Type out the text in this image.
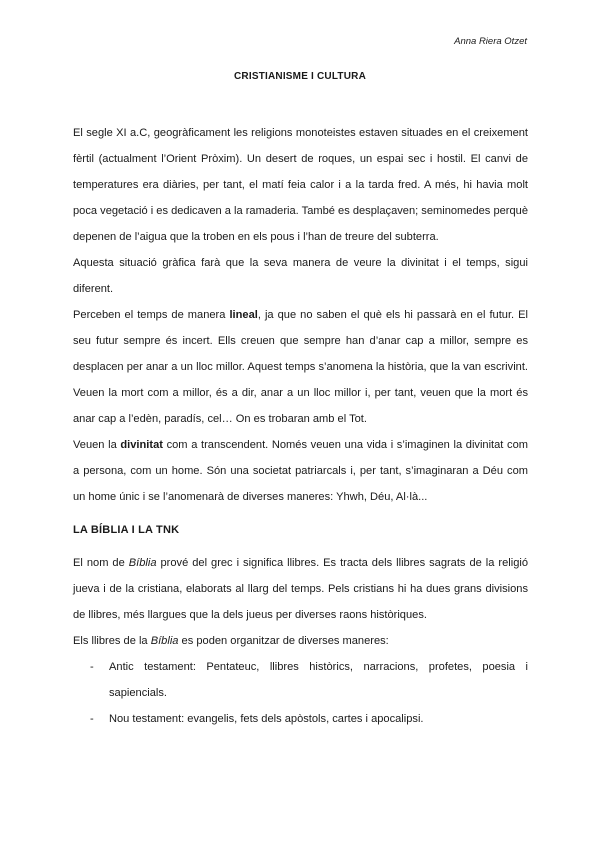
Anna Riera Otzet
CRISTIANISME I CULTURA

El segle XI a.C, geogràficament les religions monoteistes estaven situades en el creixement fèrtil (actualment l’Orient Pròxim). Un desert de roques, un espai sec i hostil. El canvi de temperatures era diàries, per tant, el matí feia calor i a la tarda fred. A més, hi havia molt poca vegetació i es dedicaven a la ramaderia. També es desplaçaven; seminomedes perquè depenen de l’aigua que la troben en els pous i l’han de treure del subterra.

Aquesta situació gràfica farà que la seva manera de veure la divinitat i el temps, sigui diferent.

Perceben el temps de manera lineal, ja que no saben el què els hi passarà en el futur. El seu futur sempre és incert. Ells creuen que sempre han d’anar cap a millor, sempre es desplacen per anar a un lloc millor. Aquest temps s’anomena la història, que la van escrivint. Veuen la mort com a millor, és a dir, anar a un lloc millor i, per tant, veuen que la mort és anar cap a l’edèn, paradís, cel… On es trobaran amb el Tot.

Veuen la divinitat com a transcendent. Només veuen una vida i s’imaginen la divinitat com a persona, com un home. Són una societat patriarcals i, per tant, s’imaginaran a Déu com un home únic i se l’anomenarà de diverses maneres: Yhwh, Déu, Al·là...

LA BÍBLIA I LA TNK

El nom de Bíblia prové del grec i significa llibres. Es tracta dels llibres sagrats de la religió jueva i de la cristiana, elaborats al llarg del temps. Pels cristians hi ha dues grans divisions de llibres, més llargues que la dels jueus per diverses raons històriques.

Els llibres de la Bíblia es poden organitzar de diverses maneres:

- Antic testament: Pentateuc, llibres històrics, narracions, profetes, poesia i sapiencials.
- Nou testament: evangelis, fets dels apòstols, cartes i apocalipsi.
